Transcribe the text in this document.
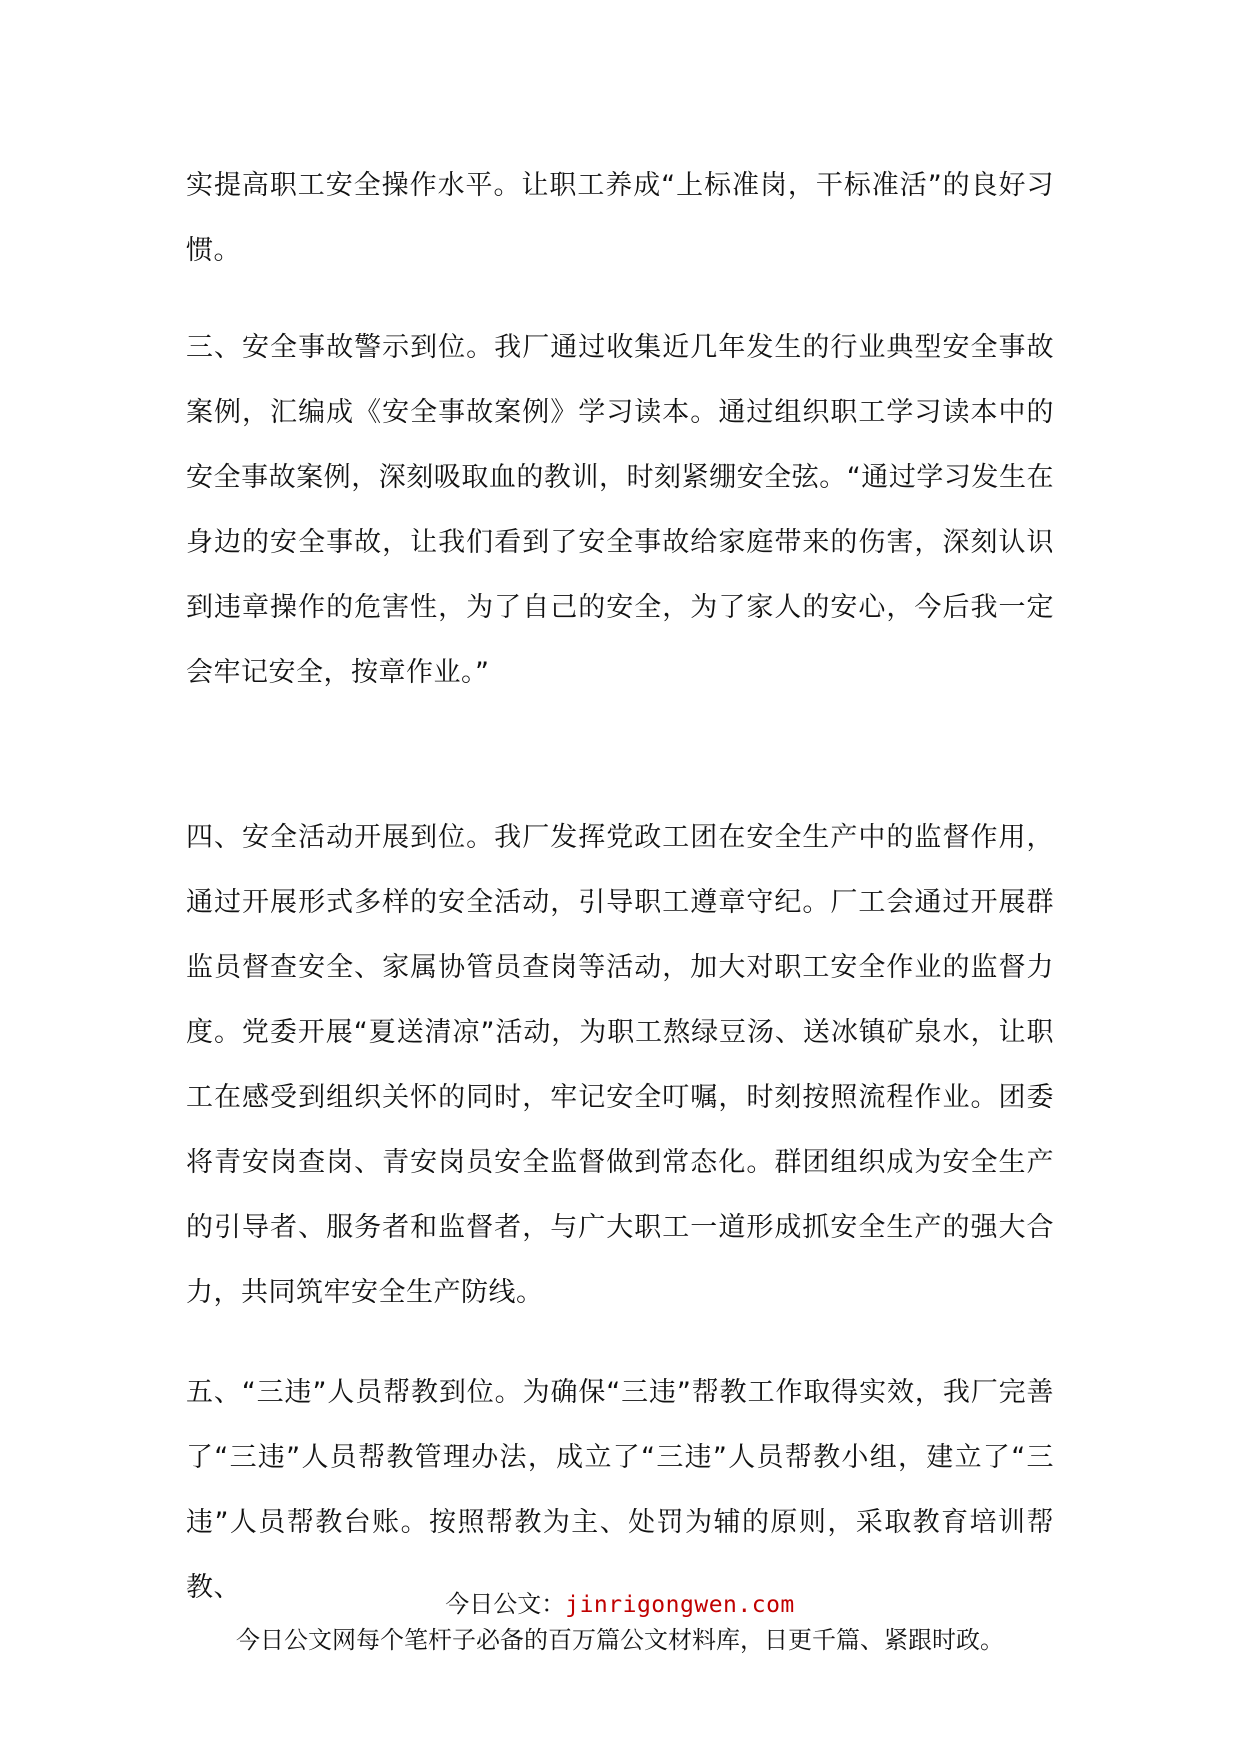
实提高职工安全操作水平。让职工养成“上标准岗，干标准活”的良好习惯。

三、安全事故警示到位。我厂通过收集近几年发生的行业典型安全事故案例，汇编成《安全事故案例》学习读本。通过组织职工学习读本中的安全事故案例，深刻吸取血的教训，时刻紧绷安全弦。“通过学习发生在身边的安全事故，让我们看到了安全事故给家庭带来的伤害，深刻认识到违章操作的危害性，为了自己的安全，为了家人的安心，今后我一定会牢记安全，按章作业。”

四、安全活动开展到位。我厂发挥党政工团在安全生产中的监督作用，通过开展形式多样的安全活动，引导职工遵章守纪。厂工会通过开展群监员督查安全、家属协管员查岗等活动，加大对职工安全作业的监督力度。党委开展“夏送清凉”活动，为职工熬绿豆汤、送冰镇矿泉水，让职工在感受到组织关怀的同时，牢记安全叮嘱，时刻按照流程作业。团委将青安岗查岗、青安岗员安全监督做到常态化。群团组织成为安全生产的引导者、服务者和监督者，与广大职工一道形成抓安全生产的强大合力，共同筑牢安全生产防线。

五、“三违”人员帮教到位。为确保“三违”帮教工作取得实效，我厂完善了“三违”人员帮教管理办法，成立了“三违”人员帮教小组，建立了“三违”人员帮教台账。按照帮教为主、处罚为辅的原则，采取教育培训帮教、

今日公文：jinrigongwen.com
今日公文网每个笔杆子必备的百万篇公文材料库，日更千篇、紧跟时政。
